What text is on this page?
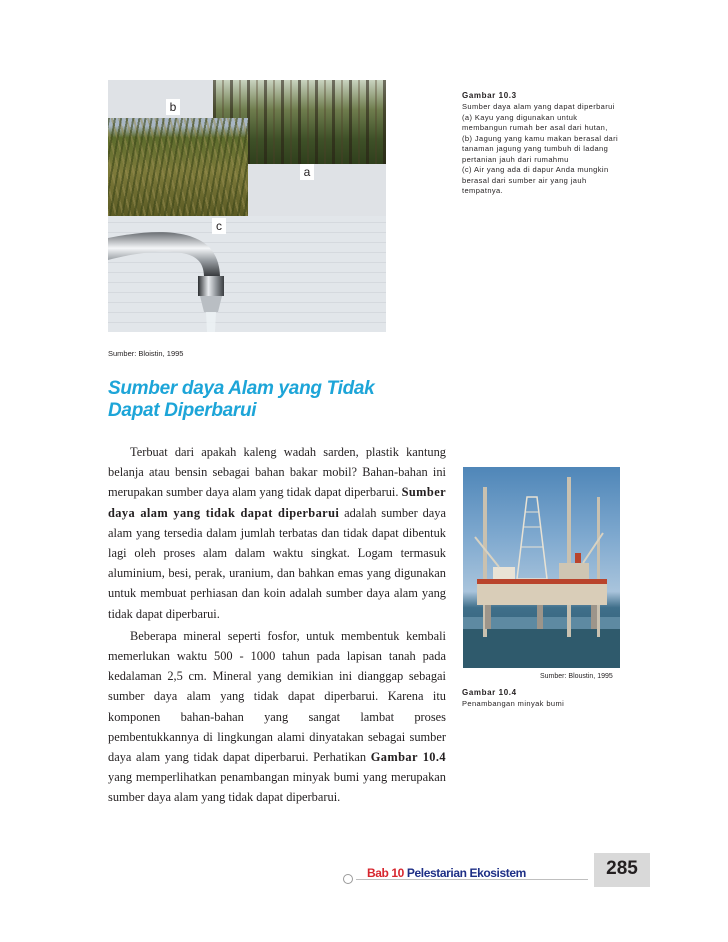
b
a
c
Gambar 10.3
Sumber daya alam yang dapat diperbarui
(a) Kayu yang digunakan untuk
membangun rumah ber asal dari hutan,
(b) Jagung yang kamu makan berasal dari
tanaman jagung yang tumbuh di ladang
pertanian jauh dari rumahmu
(c) Air yang ada di dapur Anda mungkin
berasal dari sumber air yang jauh
tempatnya.
Sumber: Bloistin, 1995
Sumber daya Alam yang Tidak
Dapat Diperbarui

Terbuat dari apakah kaleng wadah sarden, plastik kantung belanja atau bensin sebagai bahan bakar mobil? Bahan-bahan ini merupakan sumber daya alam yang tidak dapat diperbarui. Sumber daya alam yang tidak dapat diperbarui adalah sumber daya alam yang tersedia dalam jumlah terbatas dan tidak dapat dibentuk lagi oleh proses alam dalam waktu singkat. Logam termasuk aluminium, besi, perak, uranium, dan bahkan emas yang digunakan untuk membuat perhiasan dan koin adalah sumber daya alam yang tidak dapat diperbarui.

Beberapa mineral seperti fosfor, untuk membentuk kembali memerlukan waktu 500 - 1000 tahun pada lapisan tanah pada kedalaman 2,5 cm. Mineral yang demikian ini dianggap sebagai sumber daya alam yang tidak dapat diperbarui. Karena itu komponen bahan-bahan yang sangat lambat proses pembentukkannya di lingkungan alami dinyatakan sebagai sumber daya alam yang tidak dapat diperbarui. Perhatikan Gambar 10.4 yang memperlihatkan penambangan minyak bumi yang merupakan sumber daya alam yang tidak dapat diperbarui.

Sumber: Bloustin, 1995
Gambar 10.4
Penambangan minyak bumi
Bab 10 Pelestarian Ekosistem	285
